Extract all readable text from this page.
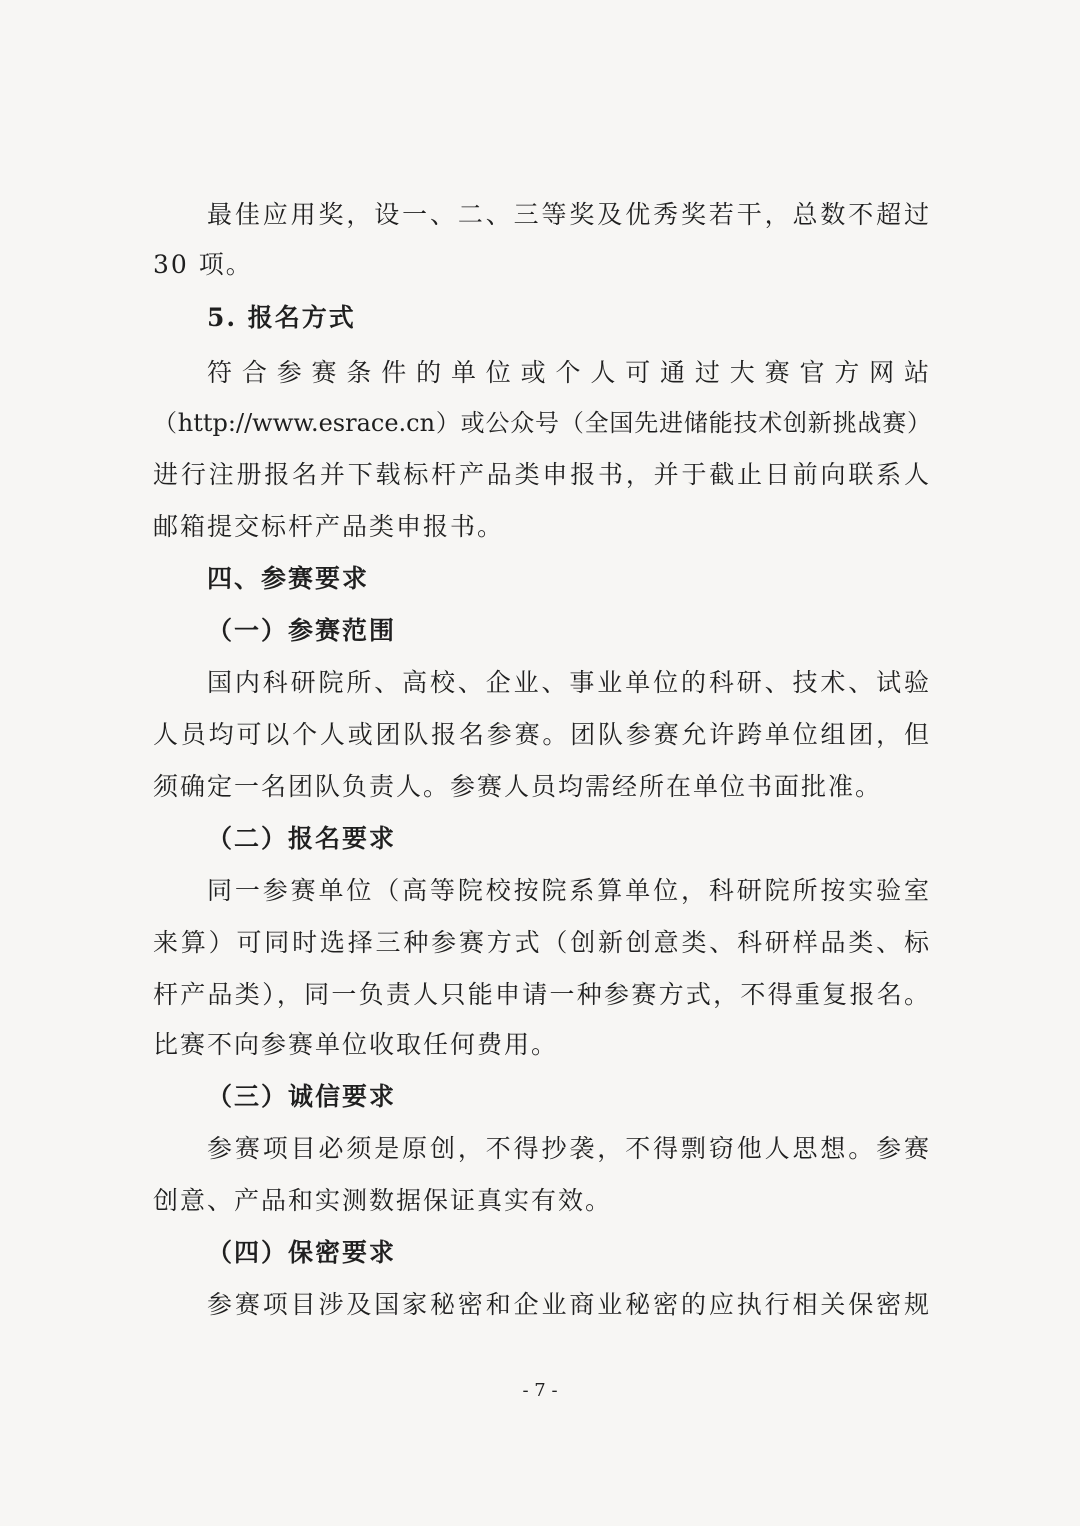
最佳应用奖，设一、二、三等奖及优秀奖若干，总数不超过
30 项。
5. 报名方式
符合参赛条件的单位或个人可通过大赛官方网站
（http://www.esrace.cn）或公众号（全国先进储能技术创新挑战赛）
进行注册报名并下载标杆产品类申报书，并于截止日前向联系人
邮箱提交标杆产品类申报书。
四、参赛要求
（一）参赛范围
国内科研院所、高校、企业、事业单位的科研、技术、试验
人员均可以个人或团队报名参赛。团队参赛允许跨单位组团，但
须确定一名团队负责人。参赛人员均需经所在单位书面批准。
（二）报名要求
同一参赛单位（高等院校按院系算单位，科研院所按实验室
来算）可同时选择三种参赛方式（创新创意类、科研样品类、标
杆产品类），同一负责人只能申请一种参赛方式，不得重复报名。
比赛不向参赛单位收取任何费用。
（三）诚信要求
参赛项目必须是原创，不得抄袭，不得剽窃他人思想。参赛
创意、产品和实测数据保证真实有效。
（四）保密要求
参赛项目涉及国家秘密和企业商业秘密的应执行相关保密规
- 7 -
